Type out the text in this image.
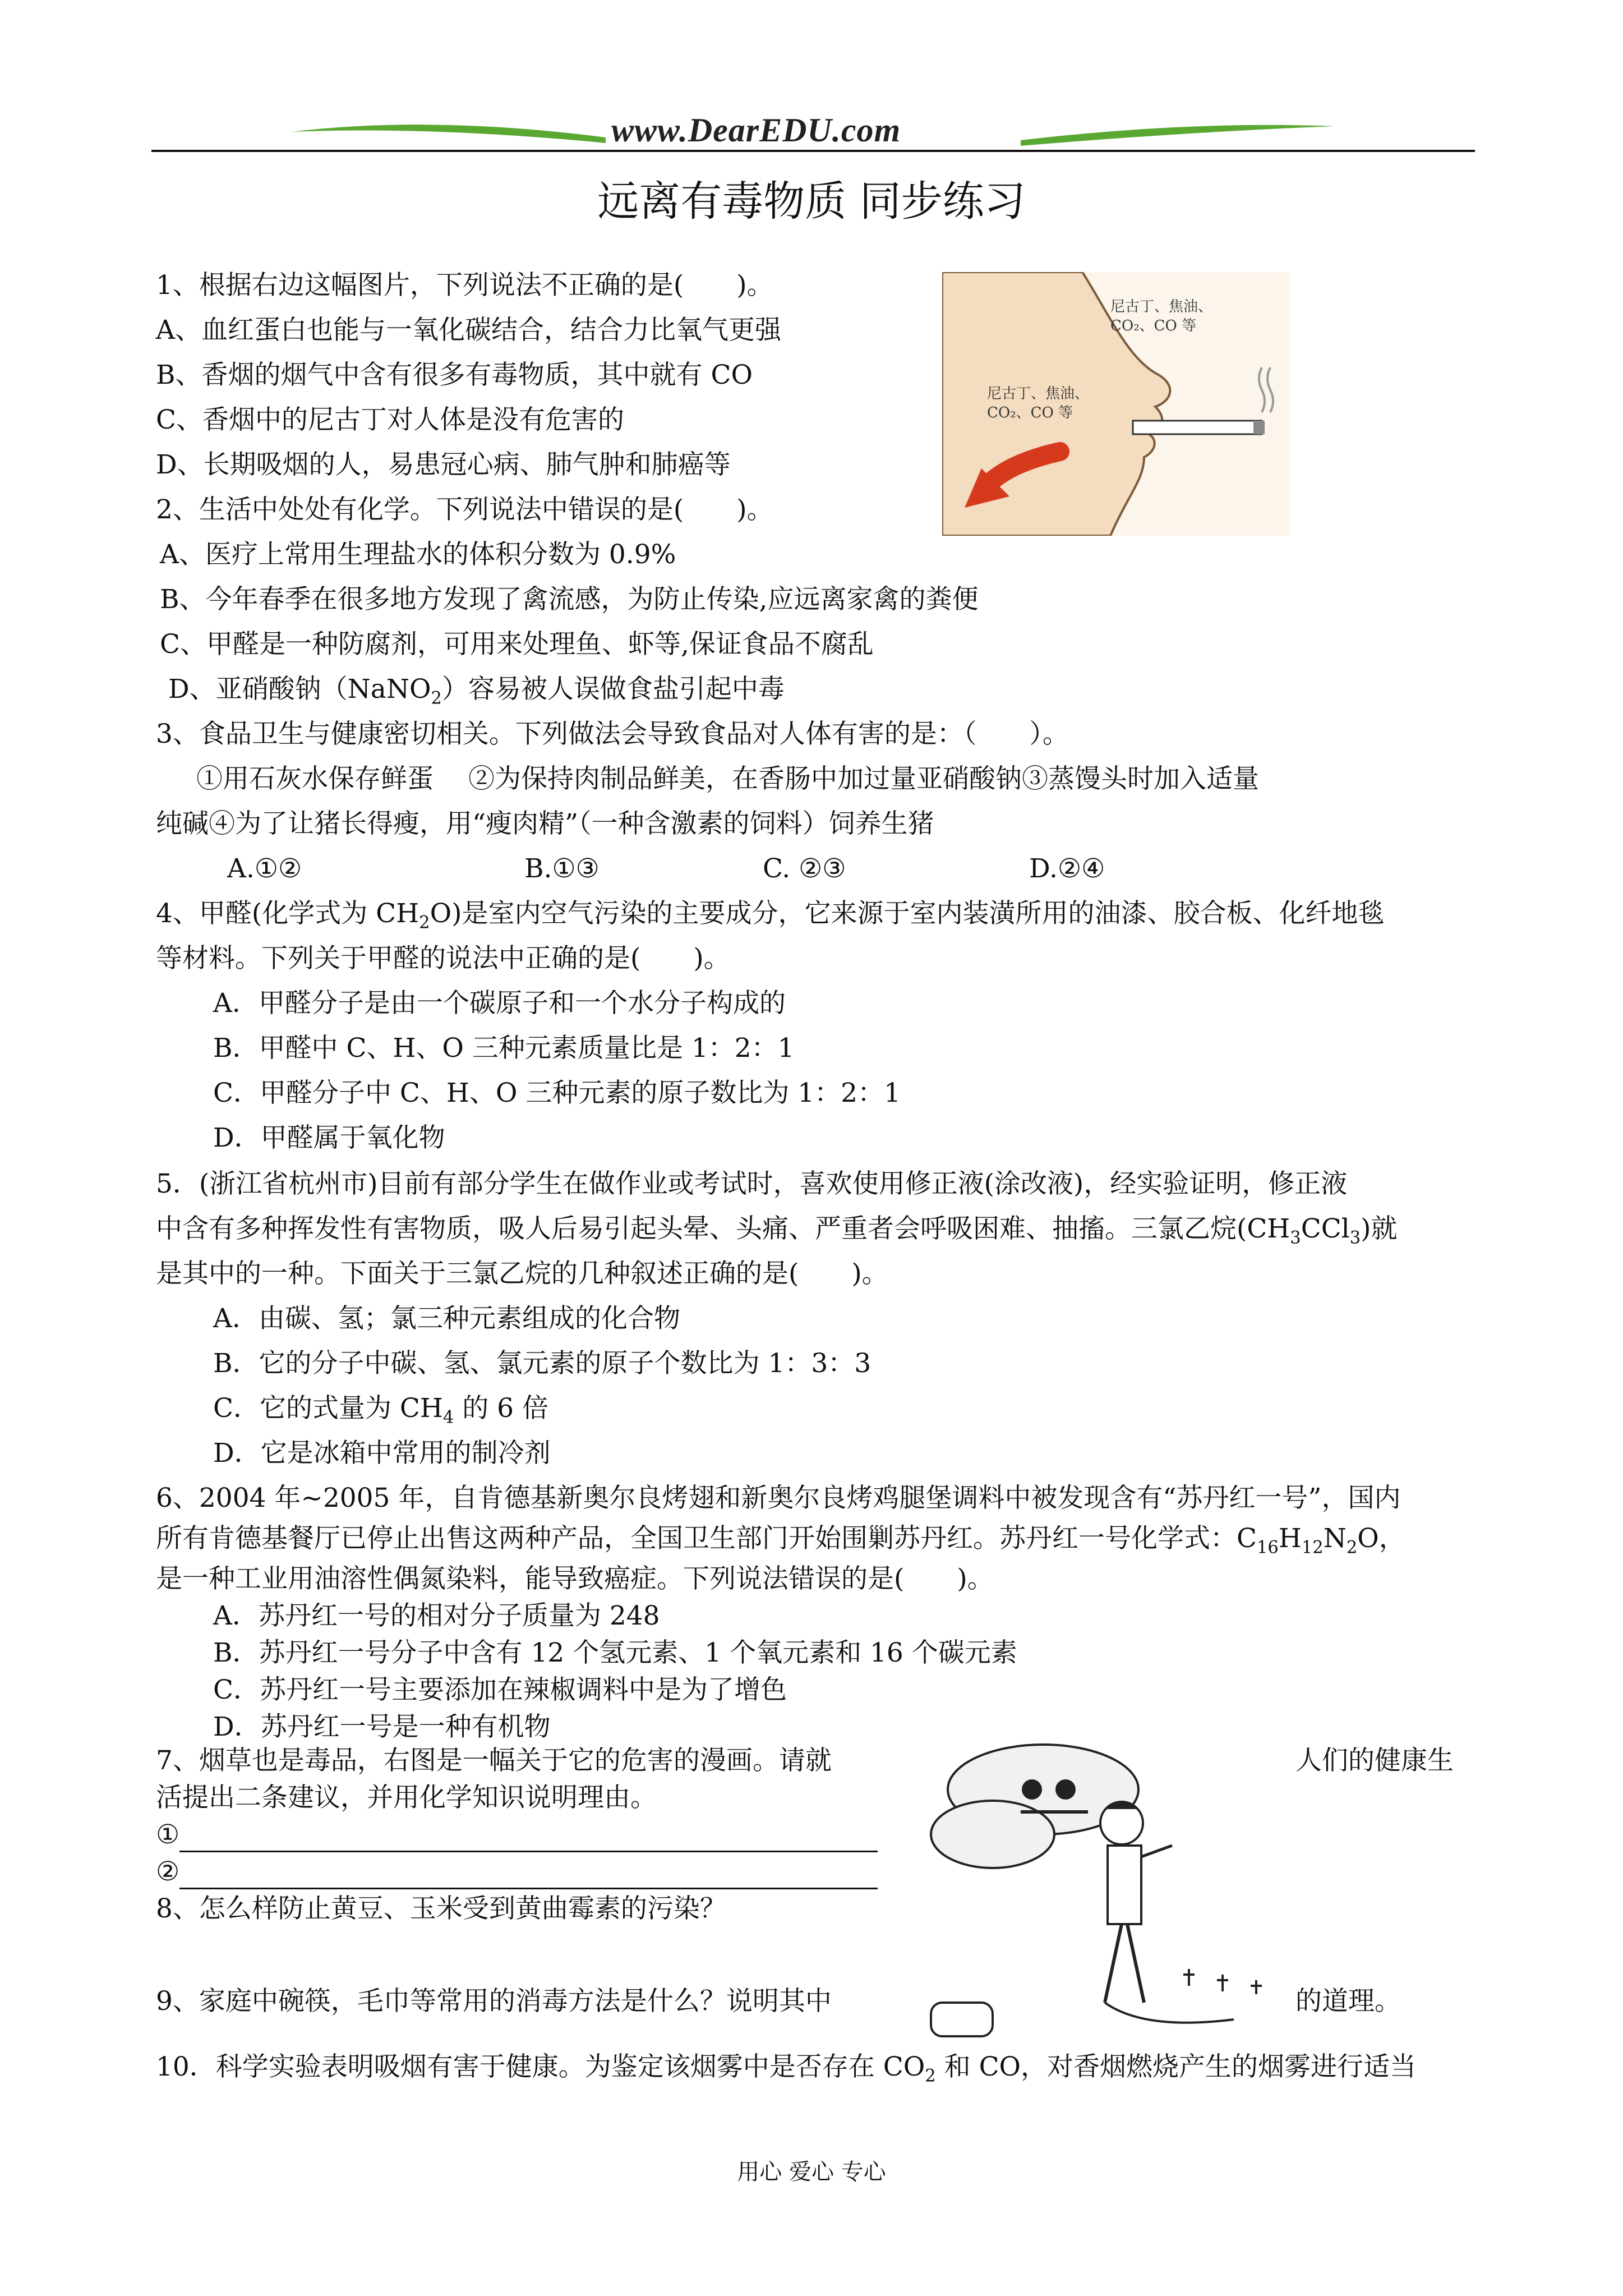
www.DearEDU.com
远离有毒物质 同步练习
尼古丁、焦油、
CO₂、CO 等
尼古丁、焦油、
CO₂、CO 等
1、根据右边这幅图片，下列说法不正确的是(　　)。
A、血红蛋白也能与一氧化碳结合，结合力比氧气更强
B、香烟的烟气中含有很多有毒物质，其中就有 CO
C、香烟中的尼古丁对人体是没有危害的
D、长期吸烟的人，易患冠心病、肺气肿和肺癌等
2、生活中处处有化学。下列说法中错误的是(　　)。
A、医疗上常用生理盐水的体积分数为 0.9%
B、今年春季在很多地方发现了禽流感，为防止传染,应远离家禽的粪便
C、甲醛是一种防腐剂，可用来处理鱼、虾等,保证食品不腐乱
D、亚硝酸钠（NaNO$_2$）容易被人误做食盐引起中毒
3、食品卫生与健康密切相关。下列做法会导致食品对人体有害的是：（　　）。
①用石灰水保存鲜蛋　 ②为保持肉制品鲜美，在香肠中加过量亚硝酸钠③蒸馒头时加入适量
纯碱④为了让猪长得瘦，用“瘦肉精”（一种含激素的饲料）饲养生猪
A.①②	B.①③	C. ②③	D.②④
4、甲醛(化学式为 $CH_2O$)是室内空气污染的主要成分，它来源于室内装潢所用的油漆、胶合板、化纤地毯
等材料。下列关于甲醛的说法中正确的是(　　)。
A．甲醛分子是由一个碳原子和一个水分子构成的
B．甲醛中 C、H、O 三种元素质量比是 1：2：1
C．甲醛分子中 C、H、O 三种元素的原子数比为 1：2：1
D．甲醛属于氧化物
5．(浙江省杭州市)目前有部分学生在做作业或考试时，喜欢使用修正液(涂改液)，经实验证明，修正液
中含有多种挥发性有害物质，吸人后易引起头晕、头痛、严重者会呼吸困难、抽搐。三氯乙烷$(CH_3CCl_3)$就
是其中的一种。下面关于三氯乙烷的几种叙述正确的是(　　)。
A．由碳、氢；氯三种元素组成的化合物
B．它的分子中碳、氢、氯元素的原子个数比为 1：3：3
C．它的式量为 $CH_4$ 的 6 倍
D．它是冰箱中常用的制冷剂
6、2004 年~2005 年，自肯德基新奥尔良烤翅和新奥尔良烤鸡腿堡调料中被发现含有“苏丹红一号”，国内
所有肯德基餐厅已停止出售这两种产品，全国卫生部门开始围剿苏丹红。苏丹红一号化学式：$C_{16}H_{12}N_2O$，
是一种工业用油溶性偶氮染料，能导致癌症。下列说法错误的是(　　)。
A．苏丹红一号的相对分子质量为 248
B．苏丹红一号分子中含有 12 个氢元素、1 个氧元素和 16 个碳元素
C．苏丹红一号主要添加在辣椒调料中是为了增色
D．苏丹红一号是一种有机物
7、烟草也是毒品，右图是一幅关于它的危害的漫画。请就	人们的健康生
活提出二条建议，并用化学知识说明理由。
①
②
8、怎么样防止黄豆、玉米受到黄曲霉素的污染？
9、家庭中碗筷，毛巾等常用的消毒方法是什么？说明其中	的道理。
10．科学实验表明吸烟有害于健康。为鉴定该烟雾中是否存在 $CO_2$ 和 CO，对香烟燃烧产生的烟雾进行适当
用心 爱心 专心
